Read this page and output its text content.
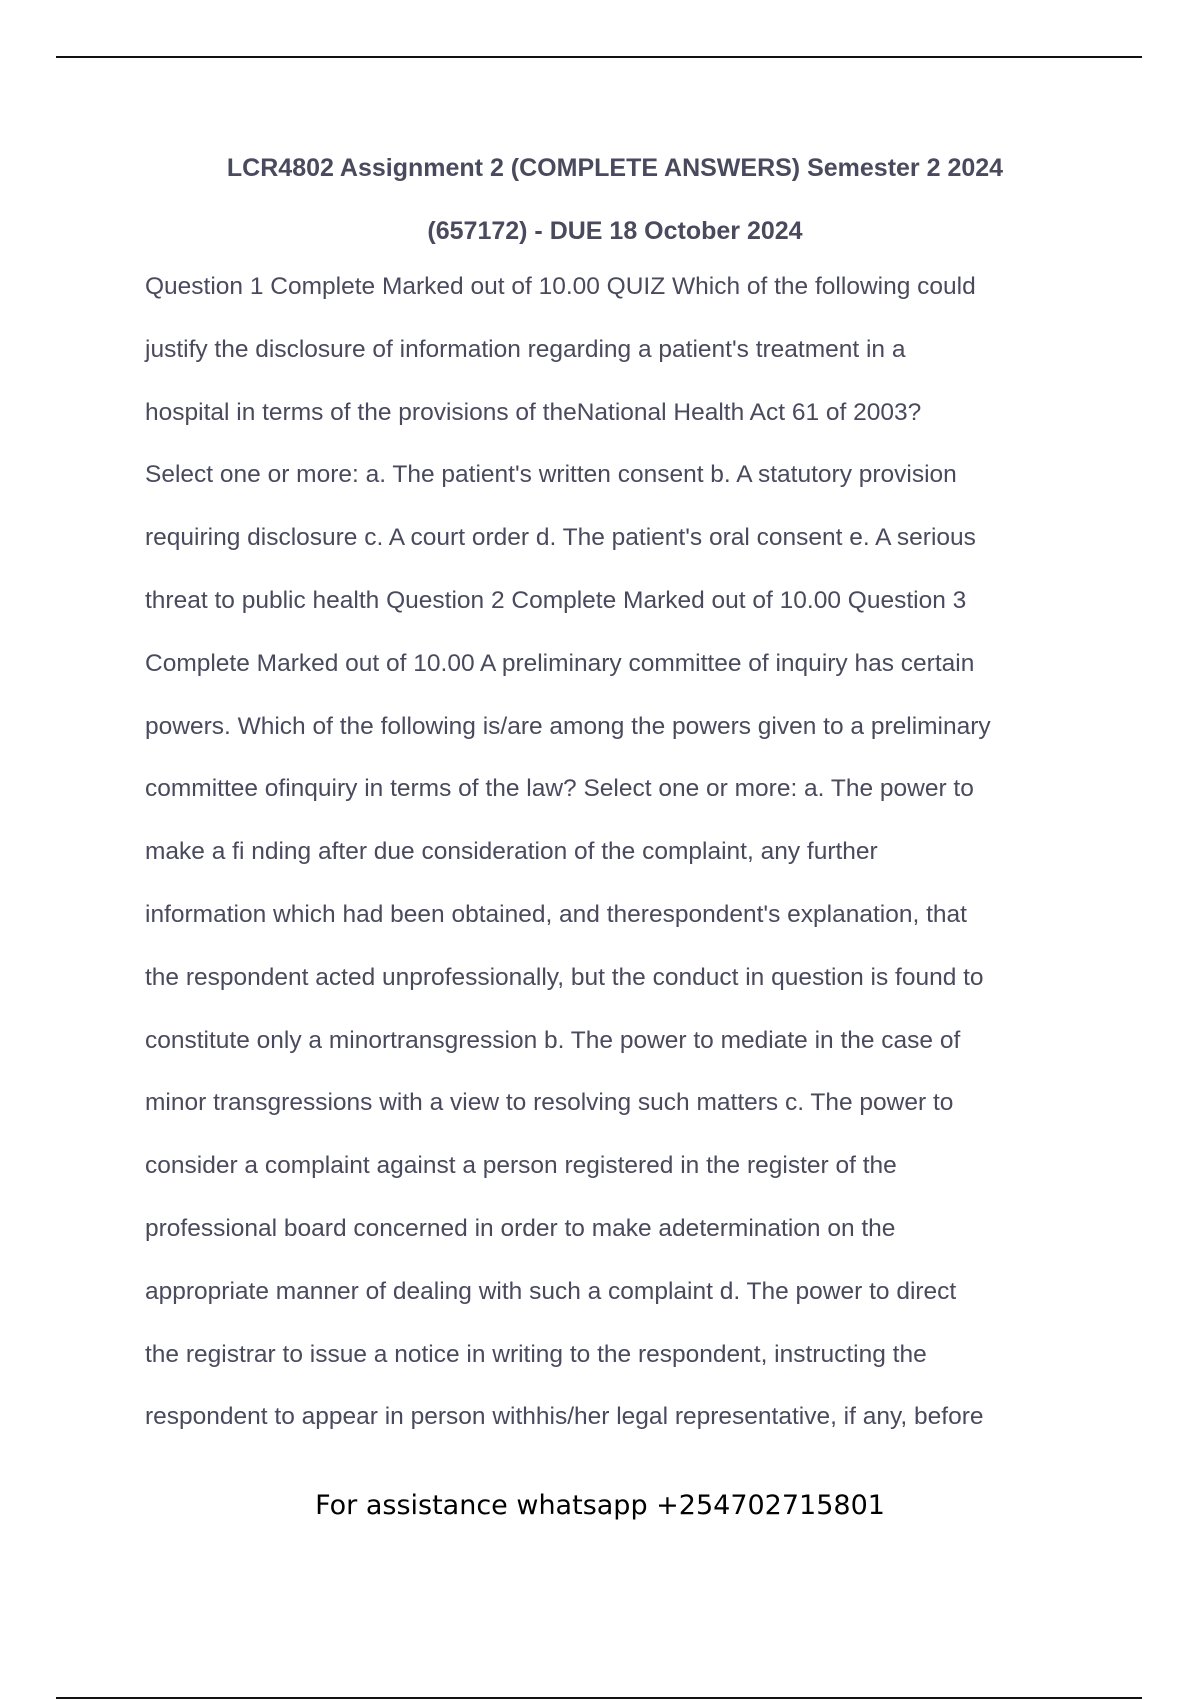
LCR4802 Assignment 2 (COMPLETE ANSWERS) Semester 2 2024
(657172) - DUE 18 October 2024
Question 1 Complete Marked out of 10.00 QUIZ Which of the following could
justify the disclosure of information regarding a patient's treatment in a
hospital in terms of the provisions of theNational Health Act 61 of 2003?
Select one or more: a. The patient's written consent b. A statutory provision
requiring disclosure c. A court order d. The patient's oral consent e. A serious
threat to public health Question 2 Complete Marked out of 10.00 Question 3
Complete Marked out of 10.00 A preliminary committee of inquiry has certain
powers. Which of the following is/are among the powers given to a preliminary
committee ofinquiry in terms of the law? Select one or more: a. The power to
make a fi nding after due consideration of the complaint, any further
information which had been obtained, and therespondent's explanation, that
the respondent acted unprofessionally, but the conduct in question is found to
constitute only a minortransgression b. The power to mediate in the case of
minor transgressions with a view to resolving such matters c. The power to
consider a complaint against a person registered in the register of the
professional board concerned in order to make adetermination on the
appropriate manner of dealing with such a complaint d. The power to direct
the registrar to issue a notice in writing to the respondent, instructing the
respondent to appear in person withhis/her legal representative, if any, before

For assistance whatsapp +254702715801
